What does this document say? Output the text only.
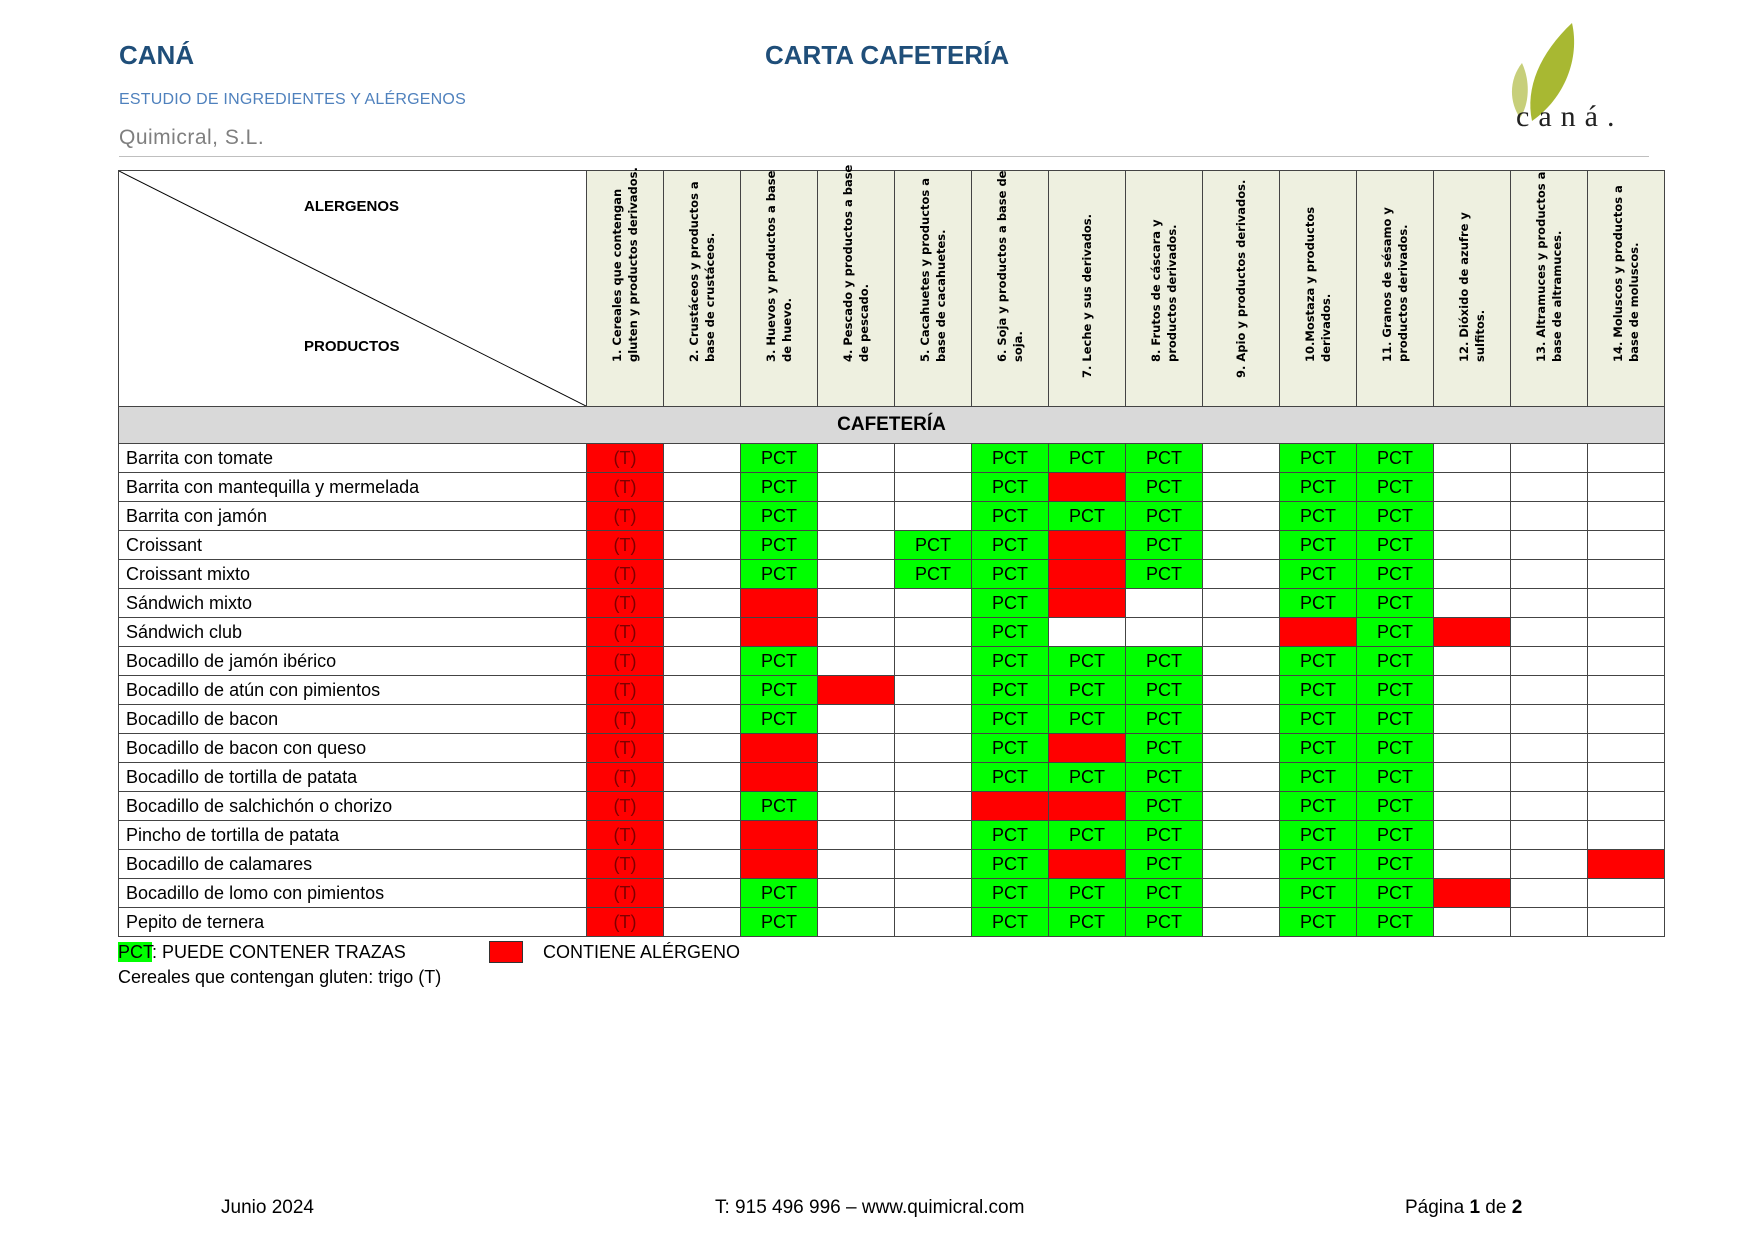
CANÁ	CARTA CAFETERÍA
ESTUDIO DE INGREDIENTES Y ALÉRGENOS
Quimicral, S.L.
caná.
ALERGENOS
PRODUCTOS	1. Cereales que contengan gluten y productos derivados.	2. Crustáceos y productos a base de crustáceos.	3. Huevos y productos a base de huevo.	4. Pescado y productos a base de pescado.	5. Cacahuetes y productos a base de cacahuetes.	6. Soja y productos a base de soja.	7. Leche y sus derivados.	8. Frutos de cáscara y productos derivados.	9. Apio y productos derivados.	10.Mostaza y productos derivados.	11. Granos de sésamo y productos derivados.	12. Dióxido de azufre y sulfitos.	13. Altramuces y productos a base de altramuces.	14. Moluscos y productos a base de moluscos.

CAFETERÍA														
Barrita con tomate	(T)		PCT			PCT	PCT	PCT		PCT	PCT			
Barrita con mantequilla y mermelada	(T)		PCT			PCT		PCT		PCT	PCT			
Barrita con jamón	(T)		PCT			PCT	PCT	PCT		PCT	PCT			
Croissant	(T)		PCT		PCT	PCT		PCT		PCT	PCT			
Croissant mixto	(T)		PCT		PCT	PCT		PCT		PCT	PCT			
Sándwich mixto	(T)					PCT				PCT	PCT			
Sándwich club	(T)					PCT					PCT			
Bocadillo de jamón ibérico	(T)		PCT			PCT	PCT	PCT		PCT	PCT			
Bocadillo de atún con pimientos	(T)		PCT			PCT	PCT	PCT		PCT	PCT			
Bocadillo de bacon	(T)		PCT			PCT	PCT	PCT		PCT	PCT			
Bocadillo de bacon con queso	(T)					PCT		PCT		PCT	PCT			
Bocadillo de tortilla de patata	(T)					PCT	PCT	PCT		PCT	PCT			
Bocadillo de salchichón o chorizo	(T)		PCT					PCT		PCT	PCT			
Pincho de tortilla de patata	(T)					PCT	PCT	PCT		PCT	PCT			
Bocadillo de calamares	(T)					PCT		PCT		PCT	PCT			
Bocadillo de lomo con pimientos	(T)		PCT			PCT	PCT	PCT		PCT	PCT			
Pepito de ternera	(T)		PCT			PCT	PCT	PCT		PCT	PCT			
PCT: PUEDE CONTENER TRAZAS	CONTIENE ALÉRGENO
Cereales que contengan gluten: trigo (T)
Junio 2024	T: 915 496 996 – www.quimicral.com	Página 1 de 2
